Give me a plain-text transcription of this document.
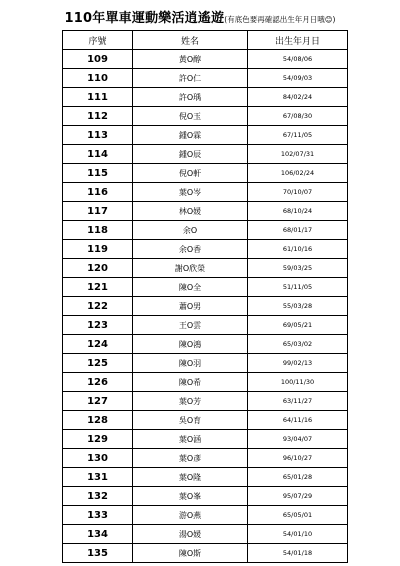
110年單車運動樂活逍遙遊(有底色要再確認出生年月日哦😊)
序號	姓名	出生年月日
109	黃O醇	54/08/06
110	許O仁	54/09/03
111	許O瑀	84/02/24
112	倪O玉	67/08/30
113	鍾O霖	67/11/05
114	鍾O辰	102/07/31
115	倪O軒	106/02/24
116	葉O岑	70/10/07
117	林O媛	68/10/24
118	余O	68/01/17
119	余O香	61/10/16
120	謝O欣榮	59/03/25
121	陳O全	51/11/05
122	蕭O男	55/03/28
123	王O雲	69/05/21
124	陳O鴻	65/03/02
125	陳O羽	99/02/13
126	陳O希	100/11/30
127	葉O芳	63/11/27
128	吳O育	64/11/16
129	葉O涵	93/04/07
130	葉O彥	96/10/27
131	葉O隆	65/01/28
132	葉O峯	95/07/29
133	游O燕	65/05/01
134	湯O媛	54/01/10
135	陳O斯	54/01/18
